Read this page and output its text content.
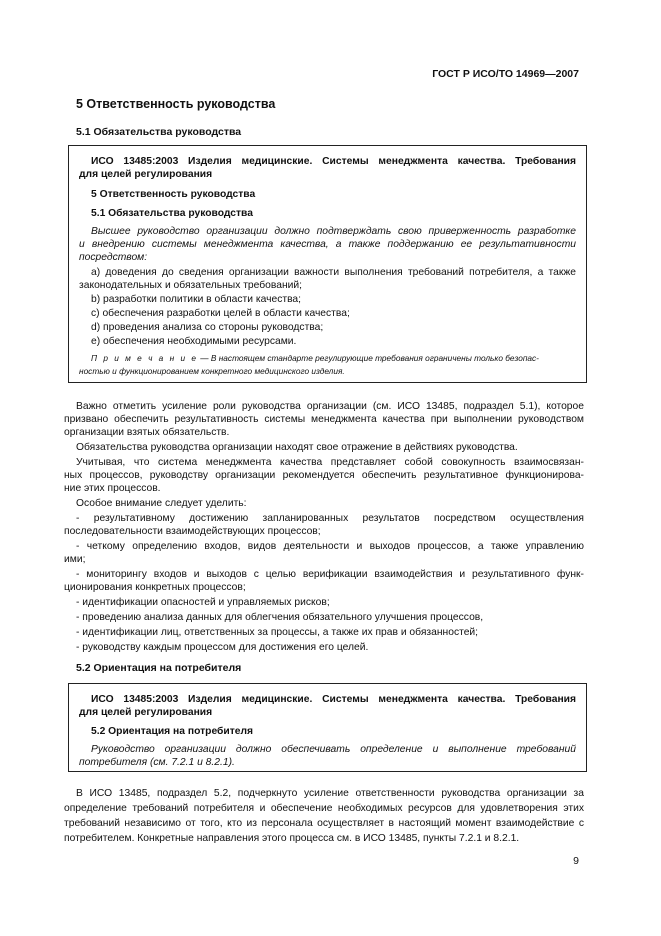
ГОСТ Р ИСО/ТО 14969—2007
5 Ответственность руководства
5.1 Обязательства руководства
ИСО 13485:2003 Изделия медицинские. Системы менеджмента качества. Требования
для целей регулирования
5 Ответственность руководства
5.1 Обязательства руководства
Высшее руководство организации должно подтверждать свою приверженность разработке
и внедрению системы менеджмента качества, а также поддержанию ее результативности
посредством:
а) доведения до сведения организации важности выполнения требований потребителя, а также
законодательных и обязательных требований;
b) разработки политики в области качества;
c) обеспечения разработки целей в области качества;
d) проведения анализа со стороны руководства;
e) обеспечения необходимыми ресурсами.
П р и м е ч а н и е — В настоящем стандарте регулирующие требования ограничены только безопас-
ностью и функционированием конкретного медицинского изделия.
Важно отметить усиление роли руководства организации (см. ИСО 13485, подраздел 5.1), которое
призвано обеспечить результативность системы менеджмента качества при выполнении руководством
организации взятых обязательств.
Обязательства руководства организации находят свое отражение в действиях руководства.
Учитывая, что система менеджмента качества представляет собой совокупность взаимосвязан-
ных процессов, руководству организации рекомендуется обеспечить результативное функционирова-
ние этих процессов.
Особое внимание следует уделить:
- результативному достижению запланированных результатов посредством осуществления
последовательности взаимодействующих процессов;
- четкому определению входов, видов деятельности и выходов процессов, а также управлению
ими;
- мониторингу входов и выходов с целью верификации взаимодействия и результативного функ-
ционирования конкретных процессов;
- идентификации опасностей и управляемых рисков;
- проведению анализа данных для облегчения обязательного улучшения процессов,
- идентификации лиц, ответственных за процессы, а также их прав и обязанностей;
- руководству каждым процессом для достижения его целей.
5.2 Ориентация на потребителя
ИСО 13485:2003 Изделия медицинские. Системы менеджмента качества. Требования
для целей регулирования
5.2 Ориентация на потребителя
Руководство организации должно обеспечивать определение и выполнение требований
потребителя (см. 7.2.1 и 8.2.1).
В ИСО 13485, подраздел 5.2, подчеркнуто усиление ответственности руководства организации за
определение требований потребителя и обеспечение необходимых ресурсов для удовлетворения этих
требований независимо от того, кто из персонала осуществляет в настоящий момент взаимодействие с
потребителем. Конкретные направления этого процесса см. в ИСО 13485, пункты 7.2.1 и 8.2.1.
9
